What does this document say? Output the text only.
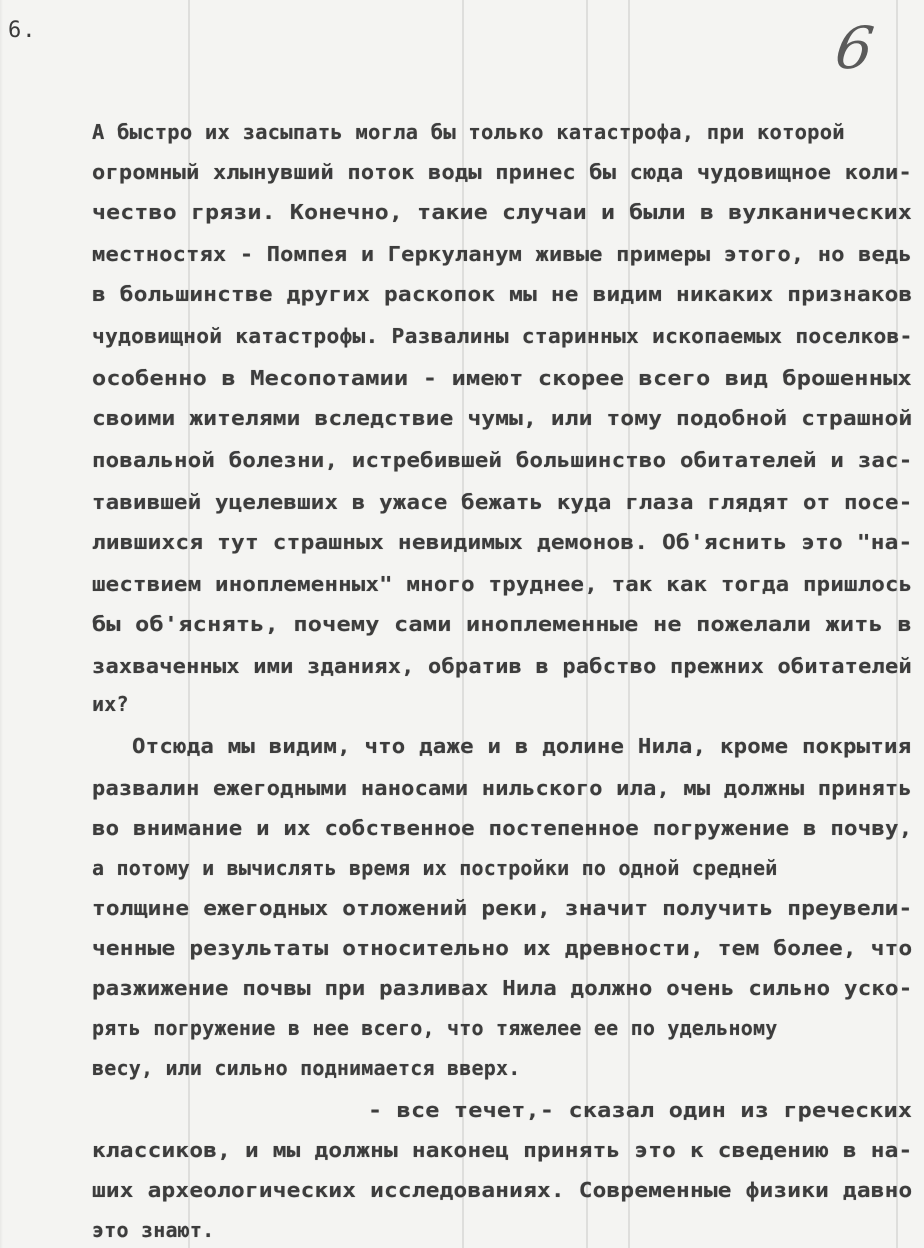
6.	6
А быстро их засыпать могла бы только катастрофа, при которой
огромный хлынувший поток воды принес бы сюда чудовищное коли-
чество грязи. Конечно, такие случаи и были в вулканических
местностях - Помпея и Геркуланум живые примеры этого, но ведь
в большинстве других раскопок мы не видим никаких признаков
чудовищной катастрофы. Развалины старинных ископаемых поселков-
особенно в Месопотамии - имеют скорее всего вид брошенных
своими жителями вследствие чумы, или тому подобной страшной
повальной болезни, истребившей большинство обитателей и зас-
тавившей уцелевших в ужасе бежать куда глаза глядят от посе-
лившихся тут страшных невидимых демонов. Об'яснить это "на-
шествием иноплеменных" много труднее, так как тогда пришлось
бы об'яснять, почему сами иноплеменные не пожелали жить в
захваченных ими зданиях, обратив в рабство прежних обитателей
их?
Отсюда мы видим, что даже и в долине Нила, кроме покрытия
развалин ежегодными наносами нильского ила, мы должны принять
во внимание и их собственное постепенное погружение в почву,
а потому и вычислять время их постройки по одной средней
толщине ежегодных отложений реки, значит получить преувели-
ченные результаты относительно их древности, тем более, что
разжижение почвы при разливах Нила должно очень сильно уско-
рять погружение в нее всего, что тяжелее ее по удельному
весу, или сильно поднимается вверх.
- все течет,- сказал один из греческих
классиков, и мы должны наконец принять это к сведению в на-
ших археологических исследованиях. Современные физики давно
это знают.
